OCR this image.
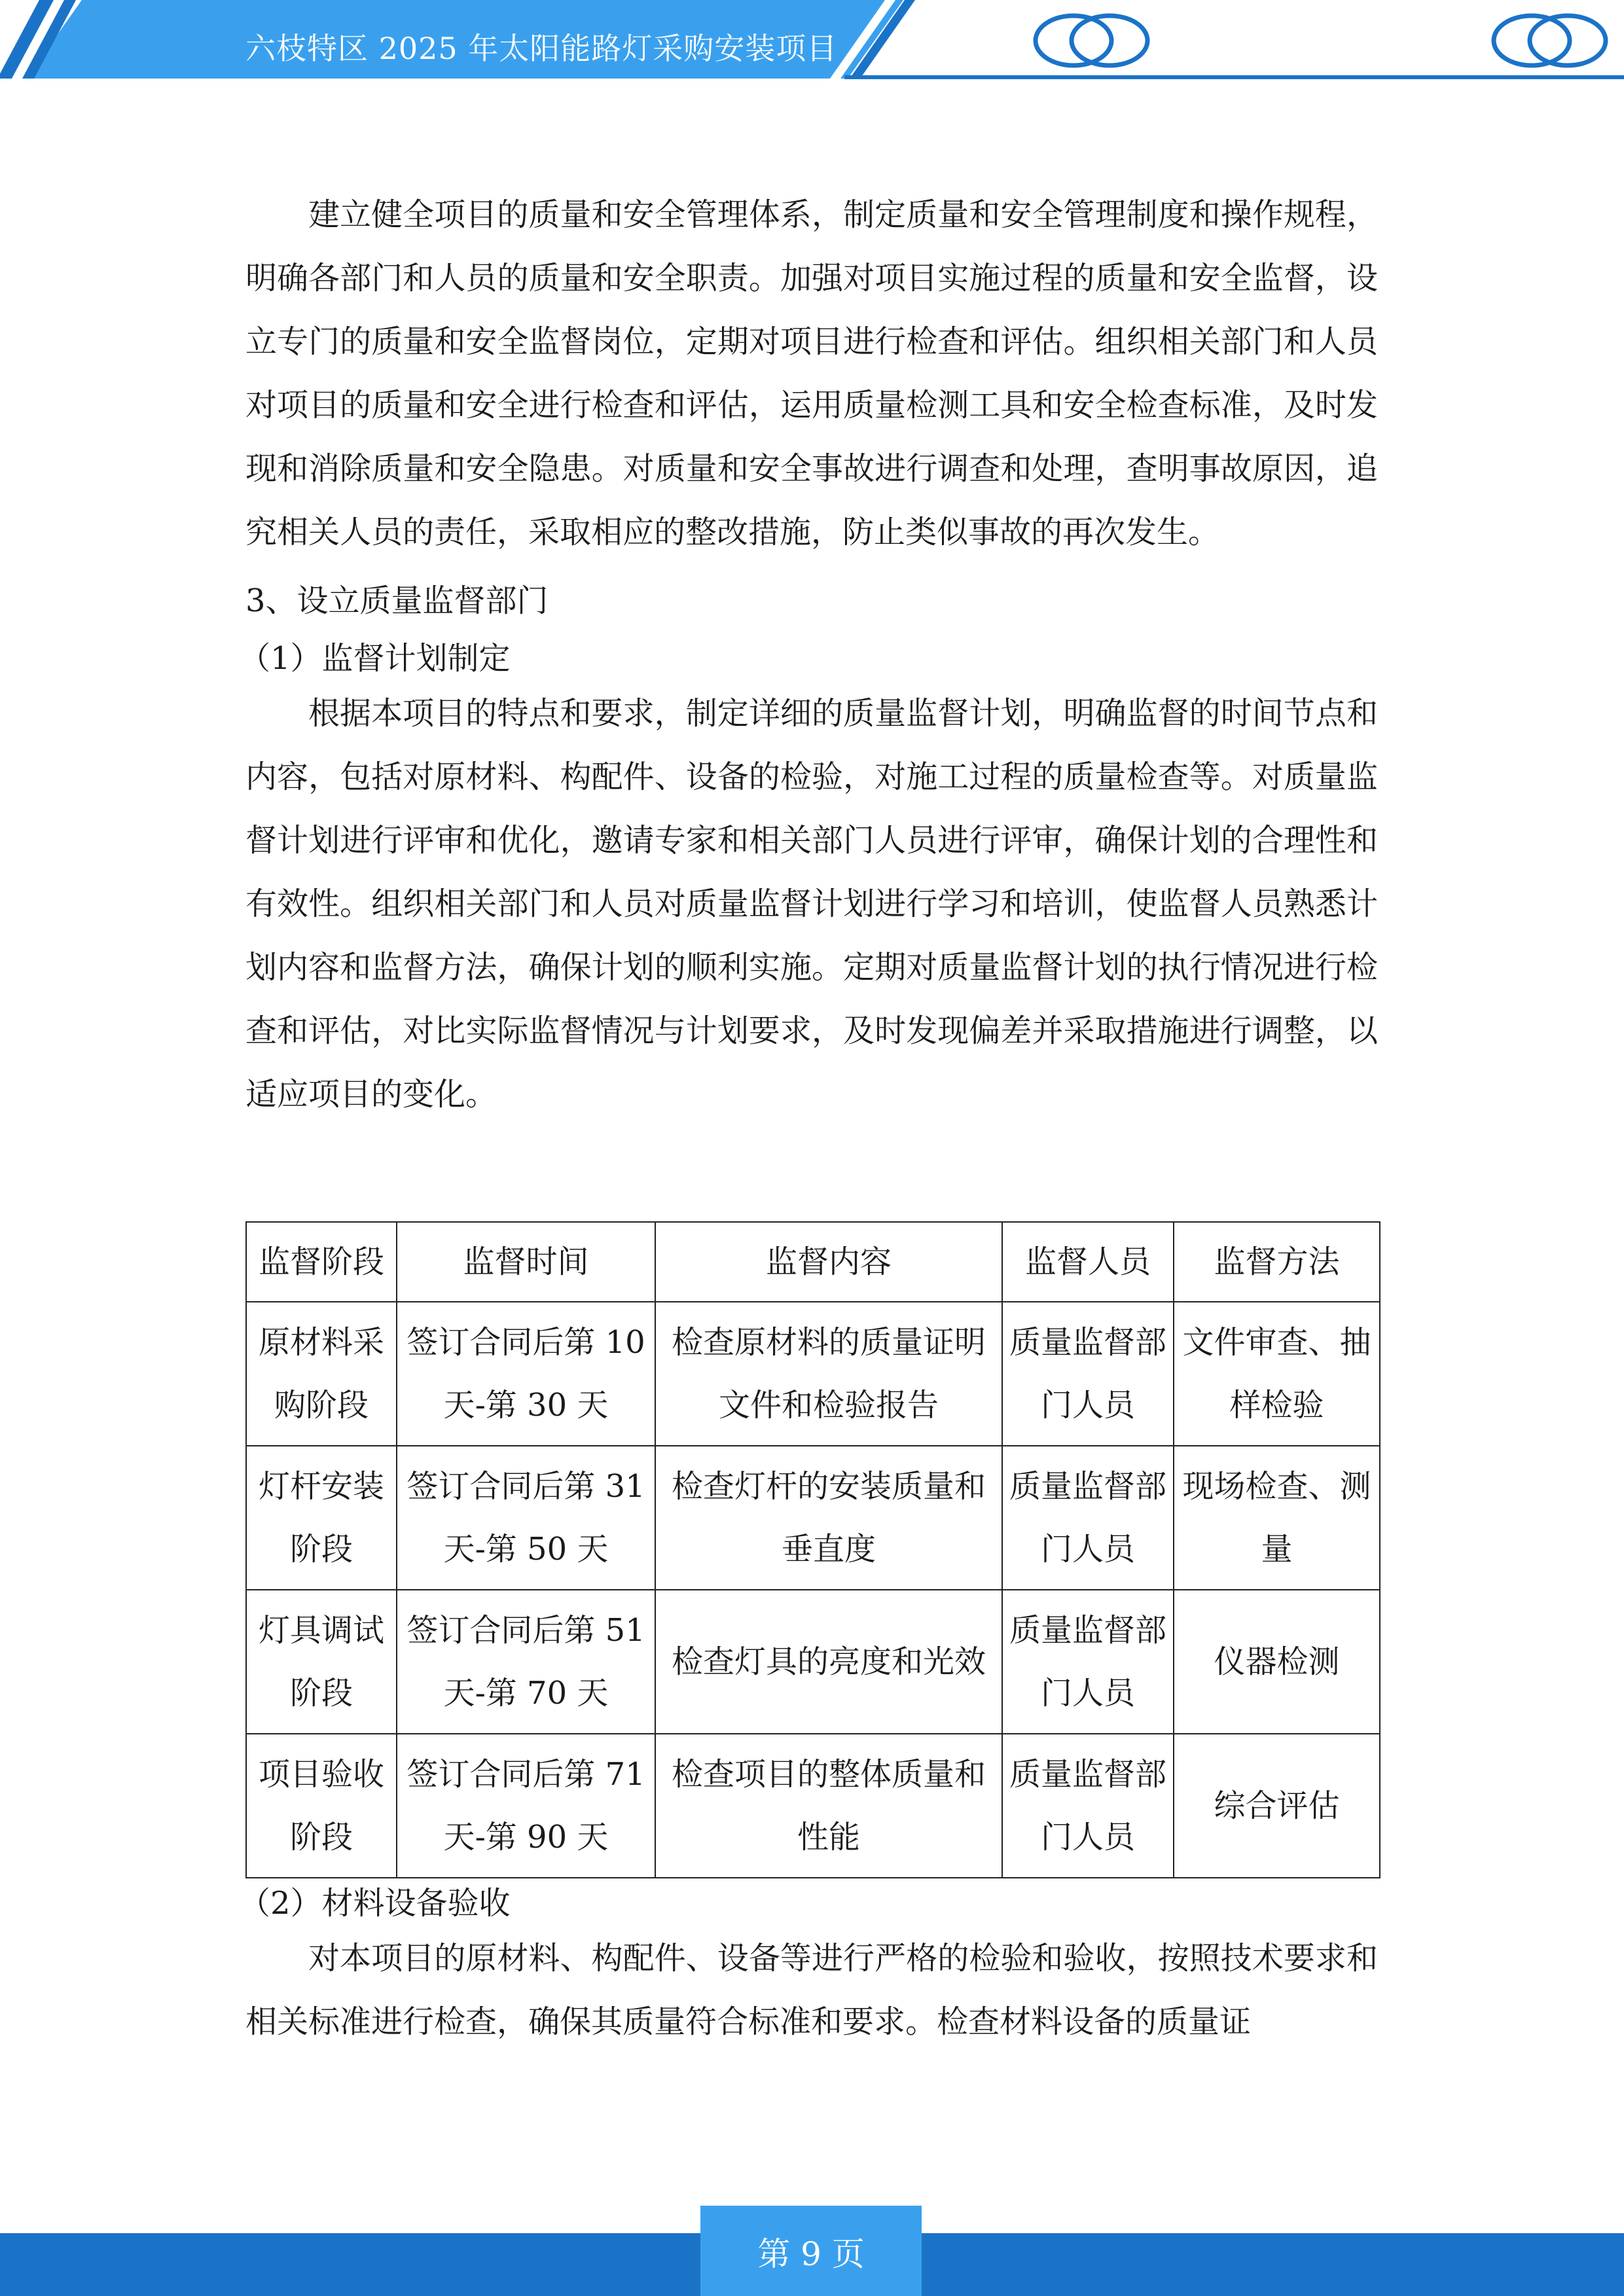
六枝特区 2025 年太阳能路灯采购安装项目

建立健全项目的质量和安全管理体系，制定质量和安全管理制度和操作规程，明确各部门和人员的质量和安全职责。加强对项目实施过程的质量和安全监督，设立专门的质量和安全监督岗位，定期对项目进行检查和评估。组织相关部门和人员对项目的质量和安全进行检查和评估，运用质量检测工具和安全检查标准，及时发现和消除质量和安全隐患。对质量和安全事故进行调查和处理，查明事故原因，追究相关人员的责任，采取相应的整改措施，防止类似事故的再次发生。

3、设立质量监督部门

（1）监督计划制定

根据本项目的特点和要求，制定详细的质量监督计划，明确监督的时间节点和内容，包括对原材料、构配件、设备的检验，对施工过程的质量检查等。对质量监督计划进行评审和优化，邀请专家和相关部门人员进行评审，确保计划的合理性和有效性。组织相关部门和人员对质量监督计划进行学习和培训，使监督人员熟悉计划内容和监督方法，确保计划的顺利实施。定期对质量监督计划的执行情况进行检查和评估，对比实际监督情况与计划要求，及时发现偏差并采取措施进行调整，以适应项目的变化。

监督阶段	监督时间	监督内容	监督人员	监督方法
原材料采购阶段	签订合同后第 10 天-第 30 天	检查原材料的质量证明文件和检验报告	质量监督部门人员	文件审查、抽样检验
灯杆安装阶段	签订合同后第 31 天-第 50 天	检查灯杆的安装质量和垂直度	质量监督部门人员	现场检查、测量
灯具调试阶段	签订合同后第 51 天-第 70 天	检查灯具的亮度和光效	质量监督部门人员	仪器检测
项目验收阶段	签订合同后第 71 天-第 90 天	检查项目的整体质量和性能	质量监督部门人员	综合评估

（2）材料设备验收

对本项目的原材料、构配件、设备等进行严格的检验和验收，按照技术要求和相关标准进行检查，确保其质量符合标准和要求。检查材料设备的质量证

第 9 页
